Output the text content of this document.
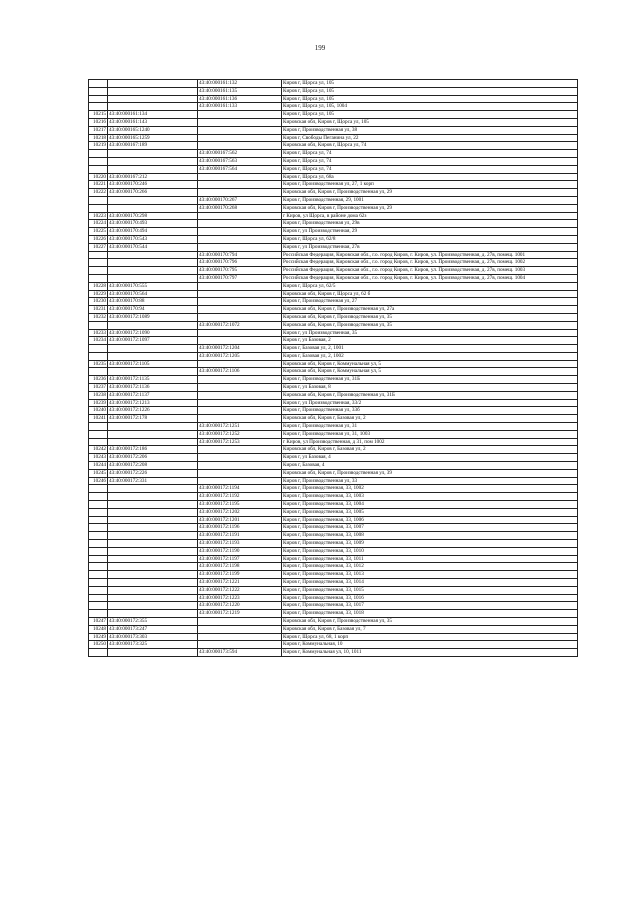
199
		43:40:000161:132	Киров г, Щорса ул, 105
		43:40:000161:135	Киров г, Щорса ул, 105
		43:40:000161:136	Киров г, Щорса ул, 105
		43:40:000161:133	Киров г, Щорса ул, 105, 1004
10215	43:40:000161:134		Киров г, Щорса ул, 105
10216	43:40:000161:143		Кировская обл, Киров г, Щорса ул, 105
10217	43:40:000165:1240		Киров г, Производственная ул, 38
10218	43:40:000165:1259		Киров г, Свободы Пеганина ул, 22
10219	43:40:000167:189		Кировская обл, Киров г, Щорса ул, 74
		43:40:000167:562	Киров г, Щорса ул, 74
		43:40:000167:563	Киров г, Щорса ул, 74
		43:40:000167:564	Киров г, Щорса ул, 74
10220	43:40:000167:212		Киров г, Щорса ул, 68а
10221	43:40:000170:246		Киров г, Производственная ул, 27, 1 корп
10222	43:40:000170:266		Кировская обл, Киров г, Производственная ул, 29
		43:40:000170:267	Киров г, Производственная, 29, 1001
		43:40:000170:268	Кировская обл, Киров г, Производственная ул, 29
10223	43:40:000170:298		г Киров, ул Щорса, в районе дома 62з
10224	43:40:000170:493		Киров г, Производственная ул, 29в
10225	43:40:000170:494		Киров г, ул Производственная, 29
10226	43:40:000170:543		Киров г, Щорса ул, 62/8
10227	43:40:000170:544		Киров г, ул Производственная, 27в
		43:40:000170:794	Российская Федерация, Кировская обл., г.о. город Киров, г. Киров, ул. Производственная, д. 27в, помещ. 1001
		43:40:000170:796	Российская Федерация, Кировская обл., г.о. город Киров, г. Киров, ул. Производственная, д. 27в, помещ. 1002
		43:40:000170:795	Российская Федерация, Кировская обл., г.о. город Киров, г. Киров, ул. Производственная, д. 27в, помещ. 1003
		43:40:000170:797	Российская Федерация, Кировская обл., г.о. город Киров, г. Киров, ул. Производственная, д. 27в, помещ. 1004
10228	43:40:000170:555		Киров г, Щорса ул, 62/5
10229	43:40:000170:564		Кировская обл, Киров г, Щорса ул, 62 б
10230	43:40:000170:88		Киров г, Производственная ул, 27
10231	43:40:000170:94		Кировская обл, Киров г, Производственная ул, 27а
10232	43:40:000172:1089		Кировская обл, Киров г, Производственная ул, 35
		43:40:000172:1072	Кировская обл, Киров г, Производственная ул, 35
10233	43:40:000172:1090		Киров г, ул Производственная, 35
10234	43:40:000172:1097		Киров г, ул Базовая, 2
		43:40:000172:1204	Киров г, Базовая ул, 2, 1001
		43:40:000172:1205	Киров г, Базовая ул, 2, 1002
10235	43:40:000172:1105		Кировская обл, Киров г, Коммунальная ул, 5
		43:40:000172:1106	Кировская обл, Киров г, Коммунальная ул, 5
10236	43:40:000172:1135		Киров г, Производственная ул, 31Б
10237	43:40:000172:1136		Киров г, ул Базовая, 8
10238	43:40:000172:1137		Кировская обл, Киров г, Производственная ул, 31Б
10239	43:40:000172:1213		Киров г, ул Производственная, 33/2
10240	43:40:000172:1226		Киров г, Производственная ул, 33б
10241	43:40:000172:178		Кировская обл, Киров г, Базовая ул, 2
		43:40:000172:1251	Киров г, Производственная ул, 31
		43:40:000172:1252	Киров г, Производственная ул, 31, 1003
		43:40:000172:1253	г Киров, ул Производственная, д 31, пом 1002
10242	43:40:000172:186		Кировская обл, Киров г, Базовая ул, 2
10243	43:40:000172:206		Киров г, ул Базовая, 4
10244	43:40:000172:208		Киров г, Базовая, 4
10245	43:40:000172:226		Кировская обл, Киров г, Производственная ул, 39
10246	43:40:000172:331		Киров г, Производственная ул, 33
		43:40:000172:1194	Киров г, Производственная, 33, 1002
		43:40:000172:1192	Киров г, Производственная, 33, 1003
		43:40:000172:1195	Киров г, Производственная, 33, 1004
		43:40:000172:1202	Киров г, Производственная, 33, 1005
		43:40:000172:1201	Киров г, Производственная, 33, 1006
		43:40:000172:1196	Киров г, Производственная, 33, 1007
		43:40:000172:1191	Киров г, Производственная, 33, 1008
		43:40:000172:1193	Киров г, Производственная, 33, 1009
		43:40:000172:1190	Киров г, Производственная, 33, 1010
		43:40:000172:1197	Киров г, Производственная, 33, 1011
		43:40:000172:1198	Киров г, Производственная, 33, 1012
		43:40:000172:1199	Киров г, Производственная, 33, 1013
		43:40:000172:1221	Киров г, Производственная, 33, 1014
		43:40:000172:1222	Киров г, Производственная, 33, 1015
		43:40:000172:1223	Киров г, Производственная, 33, 1016
		43:40:000172:1220	Киров г, Производственная, 33, 1017
		43:40:000172:1219	Киров г, Производственная, 33, 1018
10247	43:40:000172:355		Кировская обл, Киров г, Производственная ул, 35
10248	43:40:000173:247		Кировская обл, Киров г, Базовая ул, 7
10249	43:40:000173:303		Киров г, Щорса ул, 68, 1 корп
10250	43:40:000173:325		Киров г, Коммунальная, 10
		43:40:000173:594	Киров г, Коммунальная ул, 10, 1011
